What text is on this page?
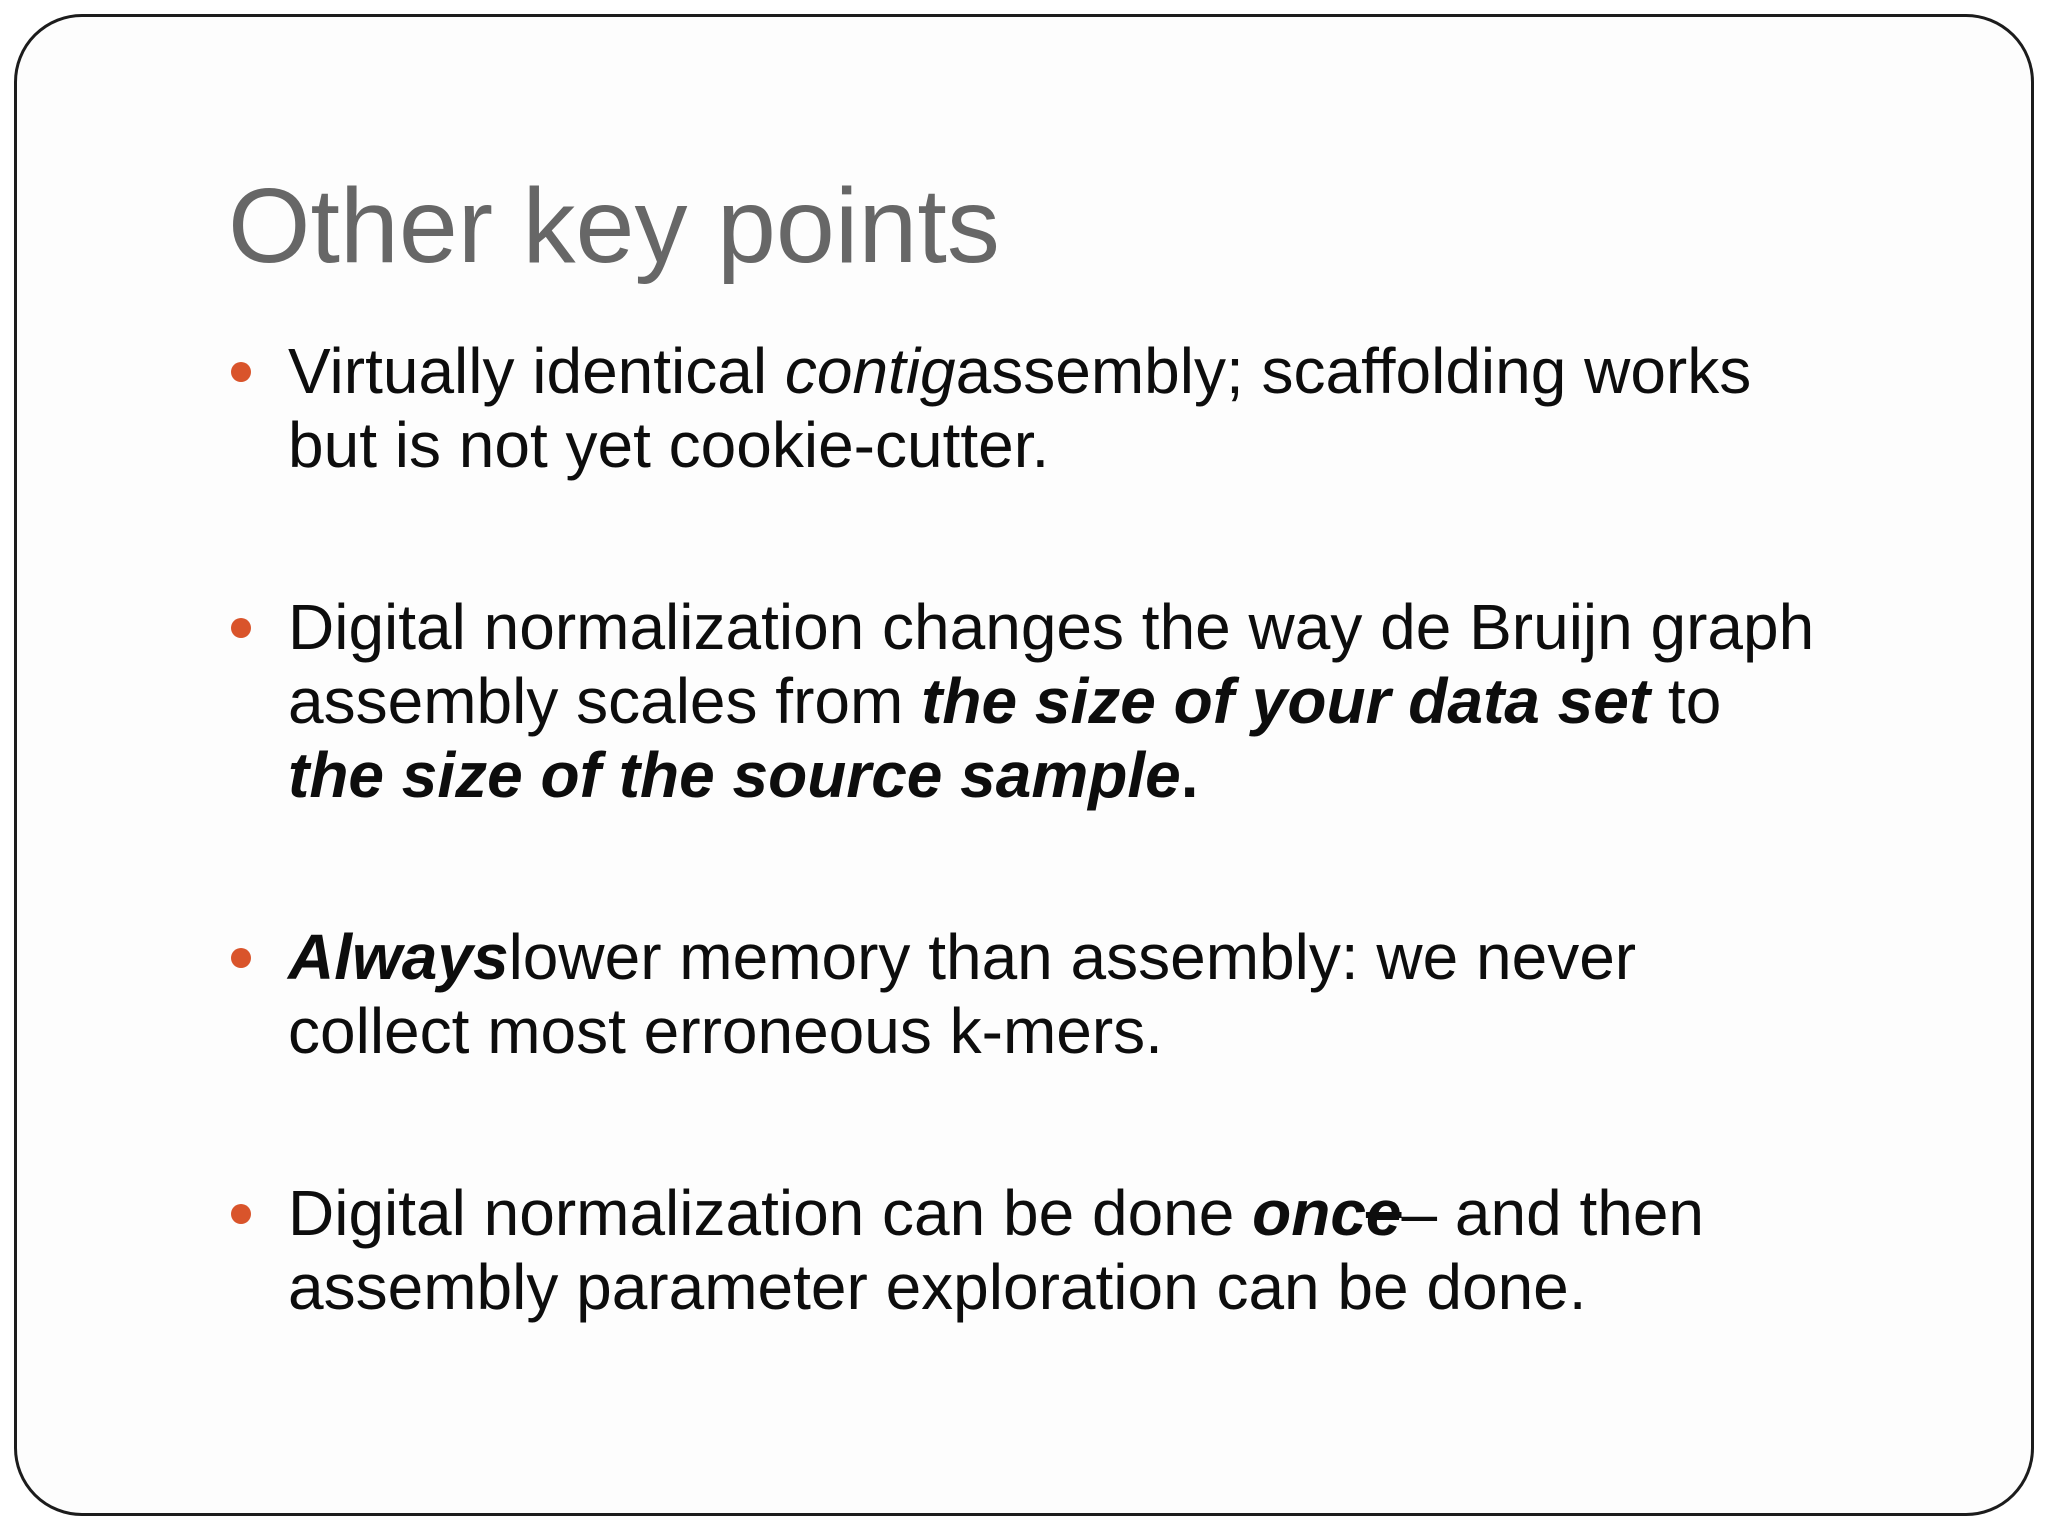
Other key points
Virtually identical contigassembly; scaffolding works
but is not yet cookie-cutter.
Digital normalization changes the way de Bruijn graph
assembly scales from the size of your data set to
the size of the source sample.
Alwayslower memory than assembly: we never
collect most erroneous k-mers.
Digital normalization can be done once– and then
assembly parameter exploration can be done.
